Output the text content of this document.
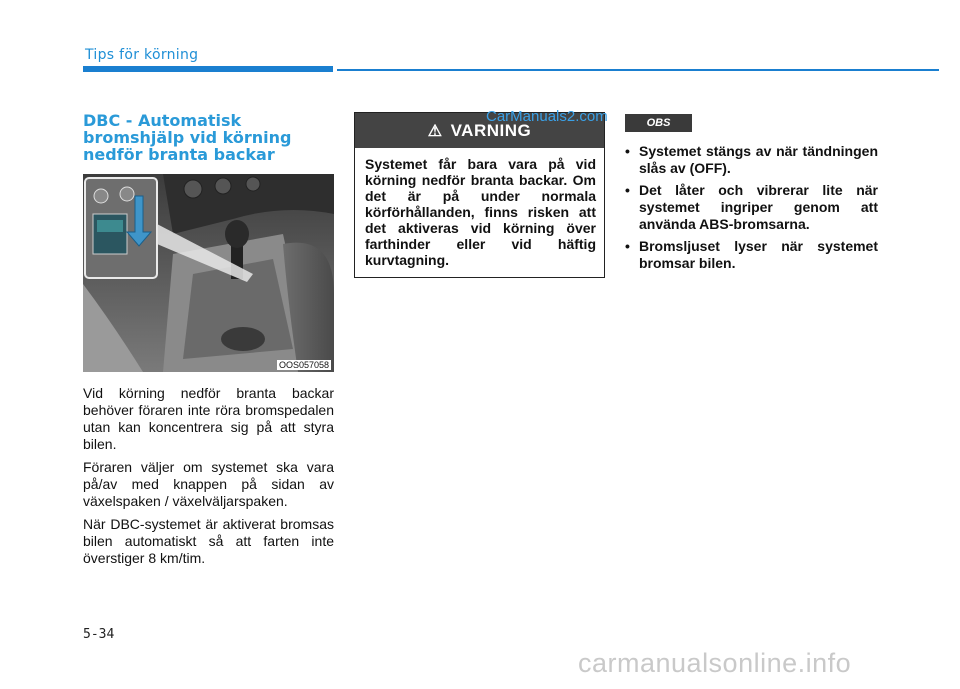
Tips för körning
DBC - Automatisk bromshjälp vid körning nedför branta backar
OOS057058

Vid körning nedför branta backar behöver föraren inte röra bromspedalen utan kan koncentrera sig på att styra bilen.

Föraren väljer om systemet ska vara på/av med knappen på sidan av växelspaken / växelväljarspaken.

När DBC-systemet är aktiverat bromsas bilen automatiskt så att farten inte överstiger 8 km/tim.

⚠ VARNING
Systemet får bara vara på vid körning nedför branta backar. Om det är på under normala körförhållanden, finns risken att det aktiveras vid körning över farthinder eller vid häftig kurvtagning.
CarManuals2.com	OBS
• Systemet stängs av när tändningen slås av (OFF).
• Det låter och vibrerar lite när systemet ingriper genom att använda ABS-bromsarna.
• Bromsljuset lyser när systemet bromsar bilen.
5-34
carmanualsonline.info
